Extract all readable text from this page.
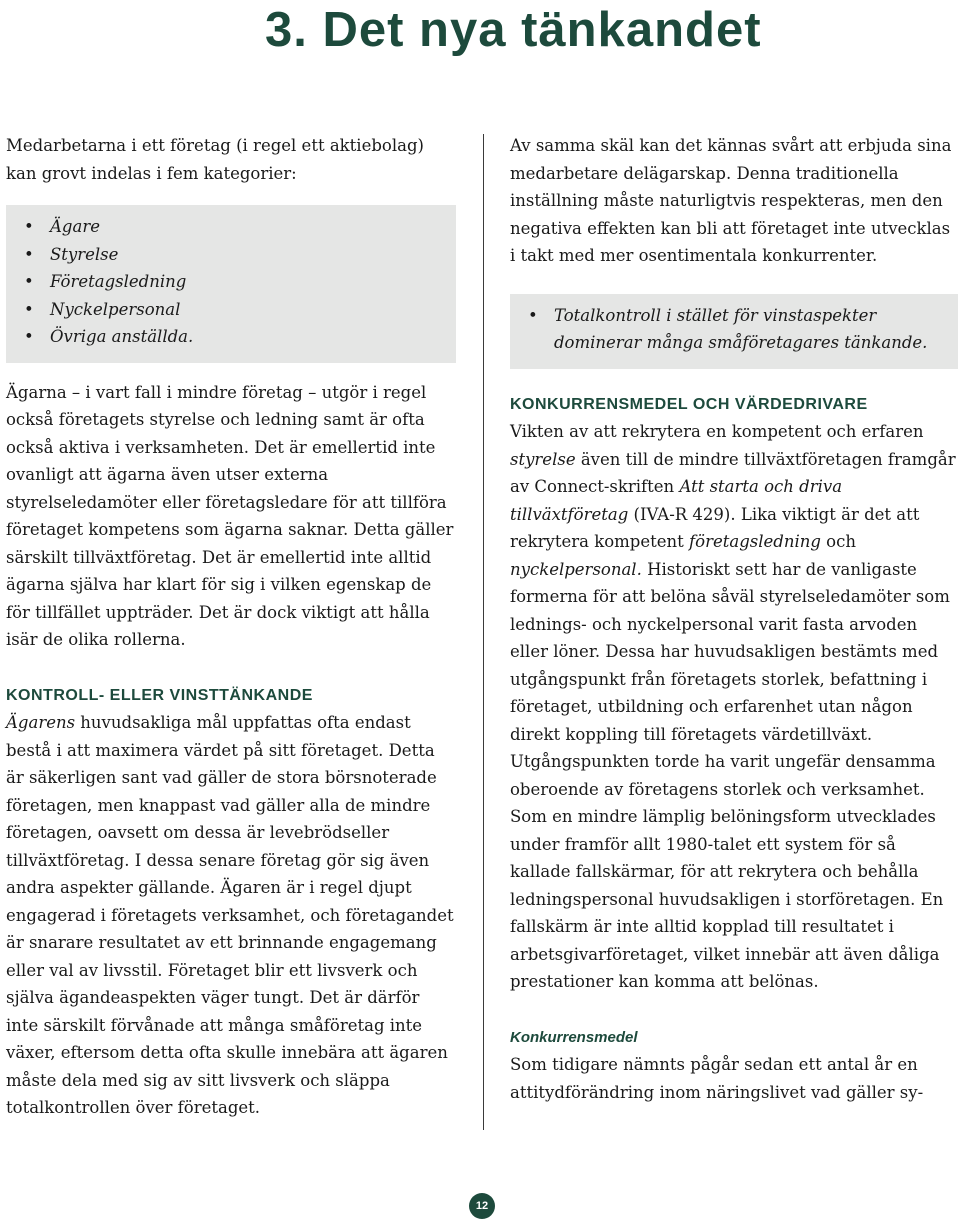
3. Det nya tänkandet

Medarbetarna i ett företag (i regel ett aktiebolag) kan grovt indelas i fem kategorier:

• Ägare
• Styrelse
• Företagsledning
• Nyckelpersonal
• Övriga anställda.

Ägarna – i vart fall i mindre företag – utgör i regel också företagets styrelse och ledning samt är ofta också aktiva i verksamheten. Det är emellertid inte ovanligt att ägarna även utser externa styrelseledamöter eller företagsledare för att tillföra företaget kompetens som ägarna saknar. Detta gäller särskilt tillväxtföretag. Det är emellertid inte alltid ägarna själva har klart för sig i vilken egenskap de för tillfället uppträder. Det är dock viktigt att hålla isär de olika rollerna.

KONTROLL- ELLER VINSTTÄNKANDE

Ägarens huvudsakliga mål uppfattas ofta endast bestå i att maximera värdet på sitt företaget. Detta är säkerligen sant vad gäller de stora börsnoterade företagen, men knappast vad gäller alla de mindre företagen, oavsett om dessa är levebrödseller tillväxtföretag. I dessa senare företag gör sig även andra aspekter gällande. Ägaren är i regel djupt engagerad i företagets verksamhet, och företagandet är snarare resultatet av ett brinnande engagemang eller val av livsstil. Företaget blir ett livsverk och själva ägandeaspekten väger tungt. Det är därför inte särskilt förvånade att många småföretag inte växer, eftersom detta ofta skulle innebära att ägaren måste dela med sig av sitt livsverk och släppa totalkontrollen över företaget.

Av samma skäl kan det kännas svårt att erbjuda sina medarbetare delägarskap. Denna traditionella inställning måste naturligtvis respekteras, men den negativa effekten kan bli att företaget inte utvecklas i takt med mer osentimentala konkurrenter.

• Totalkontroll i stället för vinstaspekter dominerar många småföretagares tänkande.
KONKURRENSMEDEL OCH VÄRDEDRIVARE

Vikten av att rekrytera en kompetent och erfaren styrelse även till de mindre tillväxtföretagen framgår av Connect-skriften Att starta och driva tillväxtföretag (IVA-R 429). Lika viktigt är det att rekrytera kompetent företagsledning och nyckelpersonal. Historiskt sett har de vanligaste formerna för att belöna såväl styrelseledamöter som lednings- och nyckelpersonal varit fasta arvoden eller löner. Dessa har huvudsakligen bestämts med utgångspunkt från företagets storlek, befattning i företaget, utbildning och erfarenhet utan någon direkt koppling till företagets värdetillväxt. Utgångspunkten torde ha varit ungefär densamma oberoende av företagens storlek och verksamhet. Som en mindre lämplig belöningsform utvecklades under framför allt 1980-talet ett system för så kallade fallskärmar, för att rekrytera och behålla ledningspersonal huvudsakligen i storföretagen. En fallskärm är inte alltid kopplad till resultatet i arbetsgivarföretaget, vilket innebär att även dåliga prestationer kan komma att belönas.

Konkurrensmedel

Som tidigare nämnts pågår sedan ett antal år en attitydförändring inom näringslivet vad gäller sy-

12
